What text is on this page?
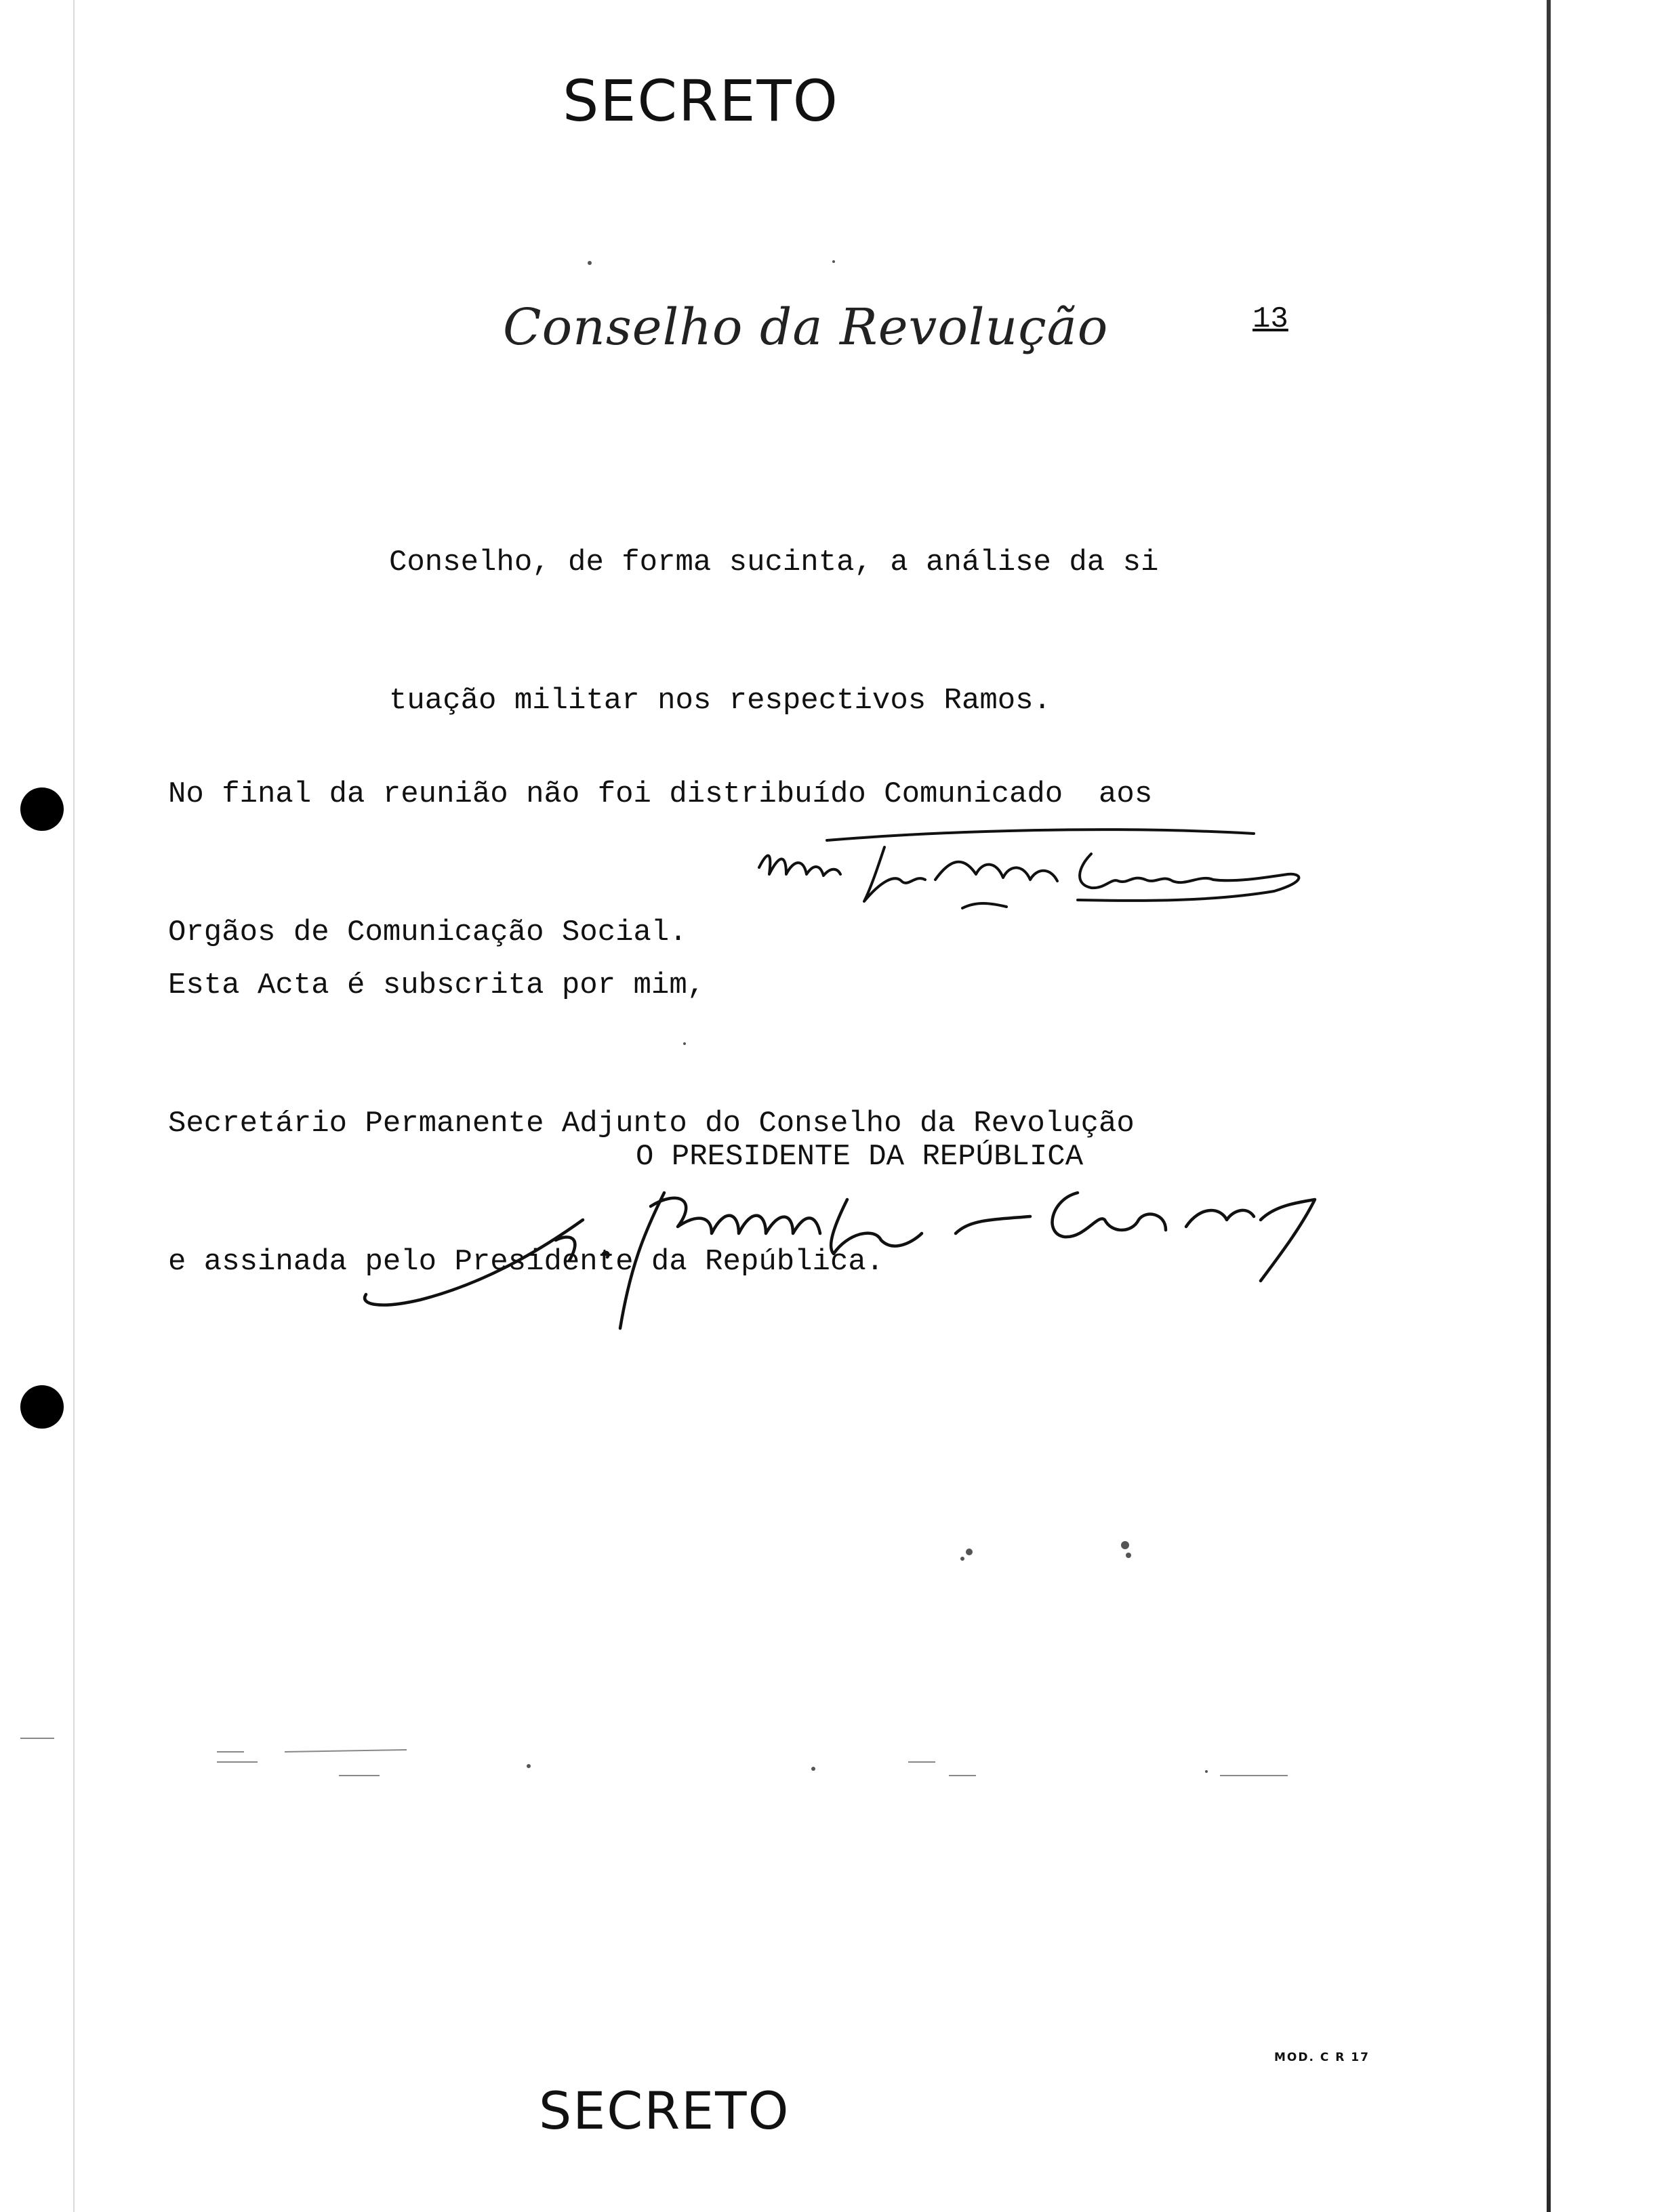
SECRETO
Conselho da Revolução	13

Conselho, de forma sucinta, a análise da si

tuação militar nos respectivos Ramos.

No final da reunião não foi distribuído Comunicado  aos

Orgãos de Comunicação Social.

Esta Acta é subscrita por mim,

Secretário Permanente Adjunto do Conselho da Revolução

e assinada pelo Presidente da República.

O PRESIDENTE DA REPÚBLICA
SECRETO
MOD. C R 17
